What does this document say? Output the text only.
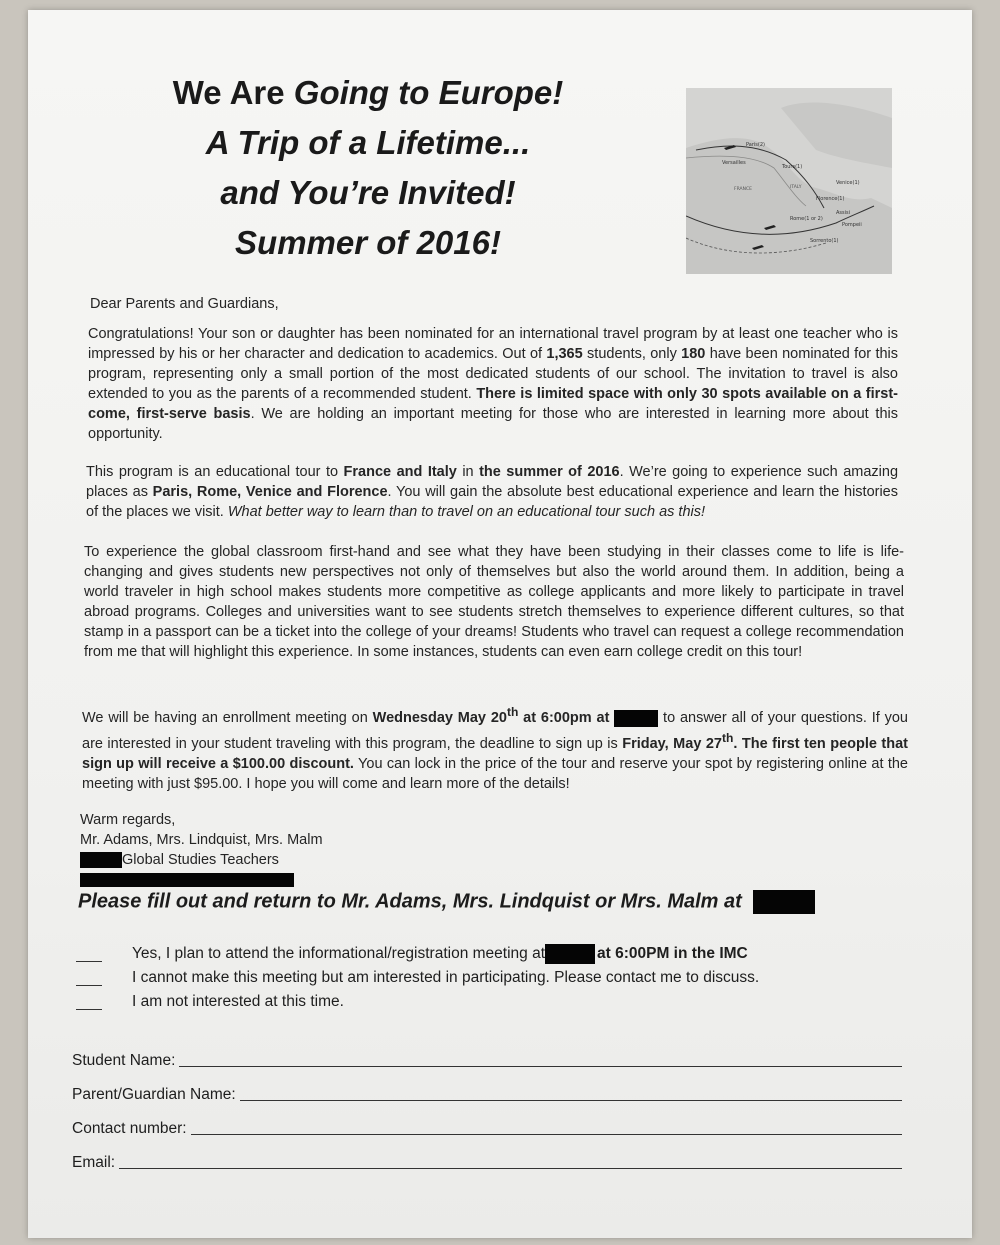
We Are Going to Europe!
A Trip of a Lifetime...
and You’re Invited!
Summer of 2016!
Paris(2)
Versailles
Tours(1)
FRANCE	ITALY
Venice(1)
Florence(1)
Assisi
Rome(1 or 2)
Pompeii
Sorrento(1)
Dear Parents and Guardians,

Congratulations! Your son or daughter has been nominated for an international travel program by at least one teacher who is impressed by his or her character and dedication to academics. Out of 1,365 students, only 180 have been nominated for this program, representing only a small portion of the most dedicated students of our school. The invitation to travel is also extended to you as the parents of a recommended student. There is limited space with only 30 spots available on a first-come, first-serve basis. We are holding an important meeting for those who are interested in learning more about this opportunity.

This program is an educational tour to France and Italy in the summer of 2016. We’re going to experience such amazing places as Paris, Rome, Venice and Florence. You will gain the absolute best educational experience and learn the histories of the places we visit. What better way to learn than to travel on an educational tour such as this!

To experience the global classroom first-hand and see what they have been studying in their classes come to life is life-changing and gives students new perspectives not only of themselves but also the world around them. In addition, being a world traveler in high school makes students more competitive as college applicants and more likely to participate in travel abroad programs. Colleges and universities want to see students stretch themselves to experience different cultures, so that stamp in a passport can be a ticket into the college of your dreams! Students who travel can request a college recommendation from me that will highlight this experience. In some instances, students can even earn college credit on this tour!

We will be having an enrollment meeting on Wednesday May 20th at 6:00pm at	to answer all of your questions. If you are interested in your student traveling with this program, the deadline to sign up is Friday, May 27th. The first ten people that sign up will receive a $100.00 discount. You can lock in the price of the tour and reserve your spot by registering online at the meeting with just $95.00. I hope you will come and learn more of the details!

Warm regards,
Mr. Adams, Mrs. Lindquist, Mrs. Malm
Global Studies Teachers
Please fill out and return to Mr. Adams, Mrs. Lindquist or Mrs. Malm at
Yes, I plan to attend the informational/registration meeting at	at 6:00PM in the IMC
I cannot make this meeting but am interested in participating. Please contact me to discuss.
I am not interested at this time.
Student Name:
Parent/Guardian Name:
Contact number:
Email:
